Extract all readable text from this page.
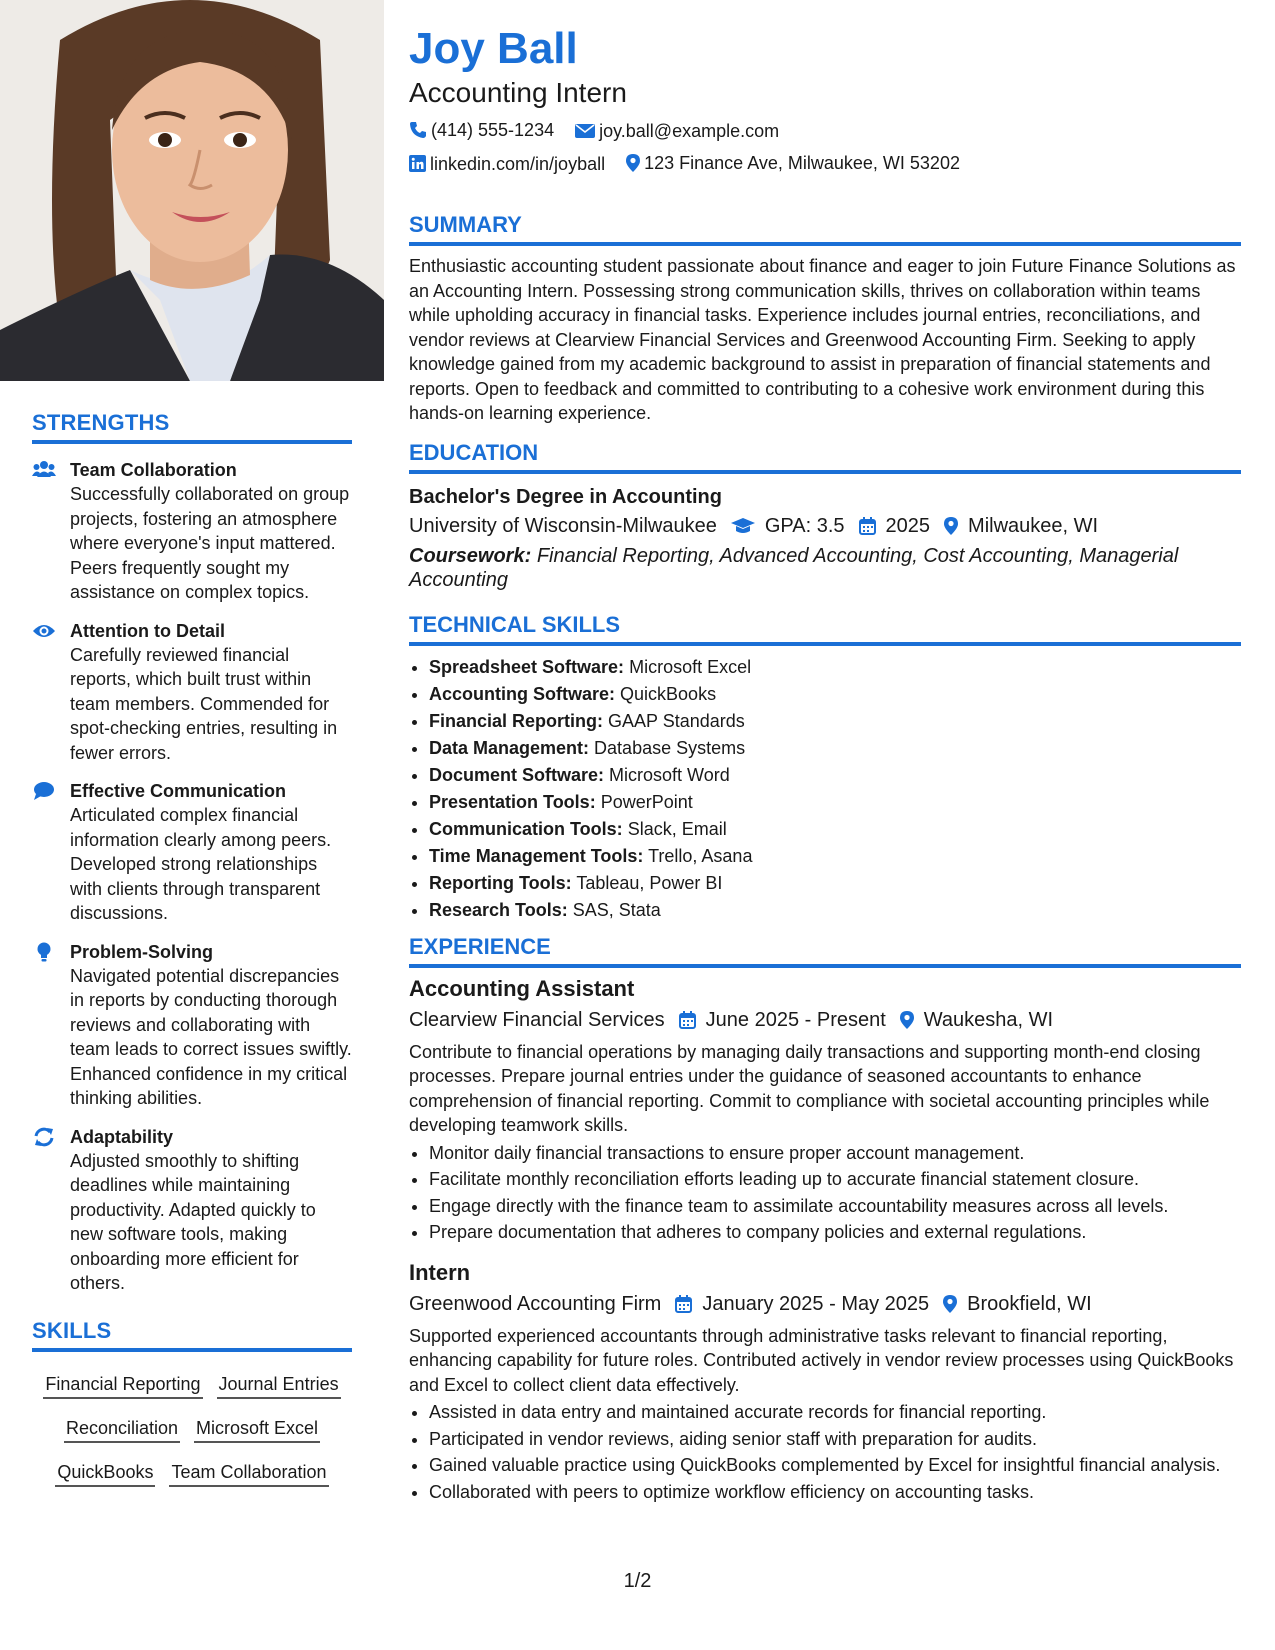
STRENGTHS
Team Collaboration
Successfully collaborated on group projects, fostering an atmosphere where everyone's input mattered. Peers frequently sought my assistance on complex topics.
Attention to Detail
Carefully reviewed financial reports, which built trust within team members. Commended for spot-checking entries, resulting in fewer errors.
Effective Communication
Articulated complex financial information clearly among peers. Developed strong relationships with clients through transparent discussions.
Problem-Solving
Navigated potential discrepancies in reports by conducting thorough reviews and collaborating with team leads to correct issues swiftly. Enhanced confidence in my critical thinking abilities.
Adaptability
Adjusted smoothly to shifting deadlines while maintaining productivity. Adapted quickly to new software tools, making onboarding more efficient for others.
SKILLS
Financial Reporting Journal Entries
Reconciliation Microsoft Excel
QuickBooks Team Collaboration
Joy Ball
Accounting Intern
(414) 555-1234
	joy.ball@example.com
linkedin.com/in/joyball
123 Finance Ave, Milwaukee, WI 53202
SUMMARY

Enthusiastic accounting student passionate about finance and eager to join Future Finance Solutions as an Accounting Intern. Possessing strong communication skills, thrives on collaboration within teams while upholding accuracy in financial tasks. Experience includes journal entries, reconciliations, and vendor reviews at Clearview Financial Services and Greenwood Accounting Firm. Seeking to apply knowledge gained from my academic background to assist in preparation of financial statements and reports. Open to feedback and committed to contributing to a cohesive work environment during this hands-on learning experience.

EDUCATION
Bachelor's Degree in Accounting
University of Wisconsin-Milwaukee GPA: 3.5 2025 Milwaukee, WI
Coursework: Financial Reporting, Advanced Accounting, Cost Accounting, Managerial Accounting
TECHNICAL SKILLS
• Spreadsheet Software: Microsoft Excel
• Accounting Software: QuickBooks
• Financial Reporting: GAAP Standards
• Data Management: Database Systems
• Document Software: Microsoft Word
• Presentation Tools: PowerPoint
• Communication Tools: Slack, Email
• Time Management Tools: Trello, Asana
• Reporting Tools: Tableau, Power BI
• Research Tools: SAS, Stata
EXPERIENCE
Accounting Assistant
Clearview Financial Services June 2025 - Present Waukesha, WI

Contribute to financial operations by managing daily transactions and supporting month-end closing processes. Prepare journal entries under the guidance of seasoned accountants to enhance comprehension of financial reporting. Commit to compliance with societal accounting principles while developing teamwork skills.

• Monitor daily financial transactions to ensure proper account management.
• Facilitate monthly reconciliation efforts leading up to accurate financial statement closure.
• Engage directly with the finance team to assimilate accountability measures across all levels.
• Prepare documentation that adheres to company policies and external regulations.
Intern
Greenwood Accounting Firm January 2025 - May 2025 Brookfield, WI

Supported experienced accountants through administrative tasks relevant to financial reporting, enhancing capability for future roles. Contributed actively in vendor review processes using QuickBooks and Excel to collect client data effectively.

• Assisted in data entry and maintained accurate records for financial reporting.
• Participated in vendor reviews, aiding senior staff with preparation for audits.
• Gained valuable practice using QuickBooks complemented by Excel for insightful financial analysis.
• Collaborated with peers to optimize workflow efficiency on accounting tasks.
1/2
